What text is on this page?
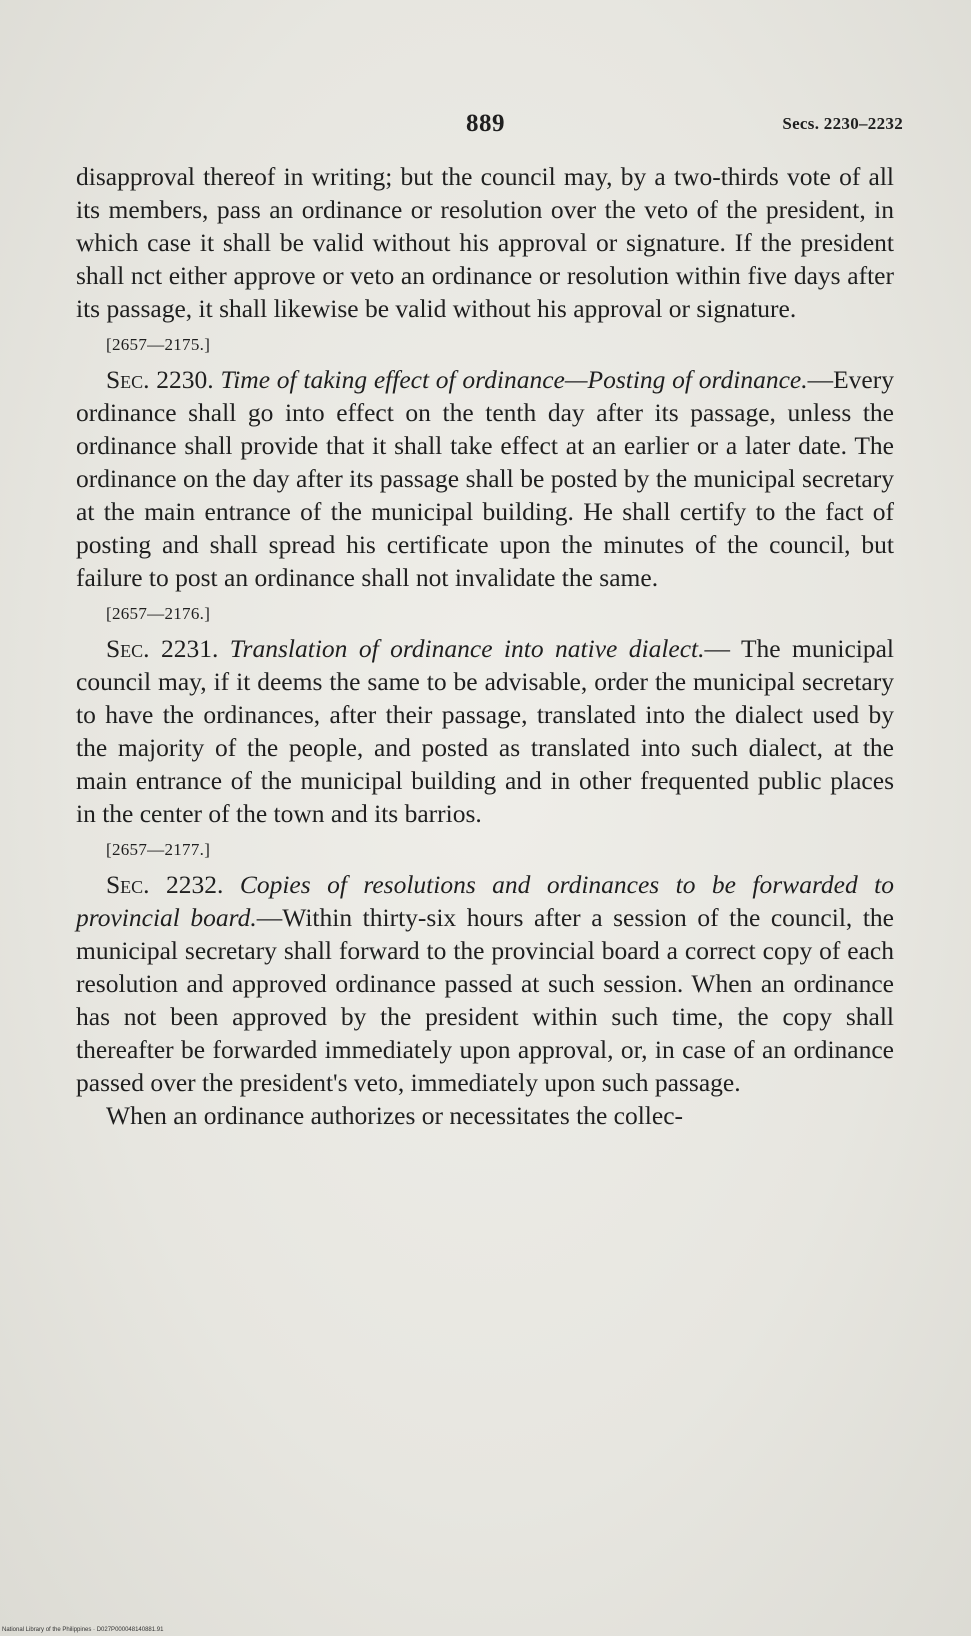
889	Secs. 2230–2232

disapproval thereof in writing; but the council may, by a two-thirds vote of all its members, pass an ordinance or resolution over the veto of the president, in which case it shall be valid without his approval or signature. If the president shall nct either approve or veto an ordinance or resolution within five days after its passage, it shall likewise be valid without his approval or signature.

[2657—2175.]

Sec. 2230. Time of taking effect of ordinance—Posting of ordinance.—Every ordinance shall go into effect on the tenth day after its passage, unless the ordinance shall provide that it shall take effect at an earlier or a later date. The ordinance on the day after its passage shall be posted by the municipal secretary at the main entrance of the municipal building. He shall certify to the fact of posting and shall spread his certificate upon the minutes of the council, but failure to post an ordinance shall not invalidate the same.

[2657—2176.]

Sec. 2231. Translation of ordinance into native dialect.— The municipal council may, if it deems the same to be advisable, order the municipal secretary to have the ordinances, after their passage, translated into the dialect used by the majority of the people, and posted as translated into such dialect, at the main entrance of the municipal building and in other frequented public places in the center of the town and its barrios.

[2657—2177.]

Sec. 2232. Copies of resolutions and ordinances to be forwarded to provincial board.—Within thirty-six hours after a session of the council, the municipal secretary shall forward to the provincial board a correct copy of each resolution and approved ordinance passed at such session. When an ordinance has not been approved by the president within such time, the copy shall thereafter be forwarded immediately upon approval, or, in case of an ordinance passed over the president's veto, immediately upon such passage.

When an ordinance authorizes or necessitates the collec-

National Library of the Philippines · D027P000048140881.91
